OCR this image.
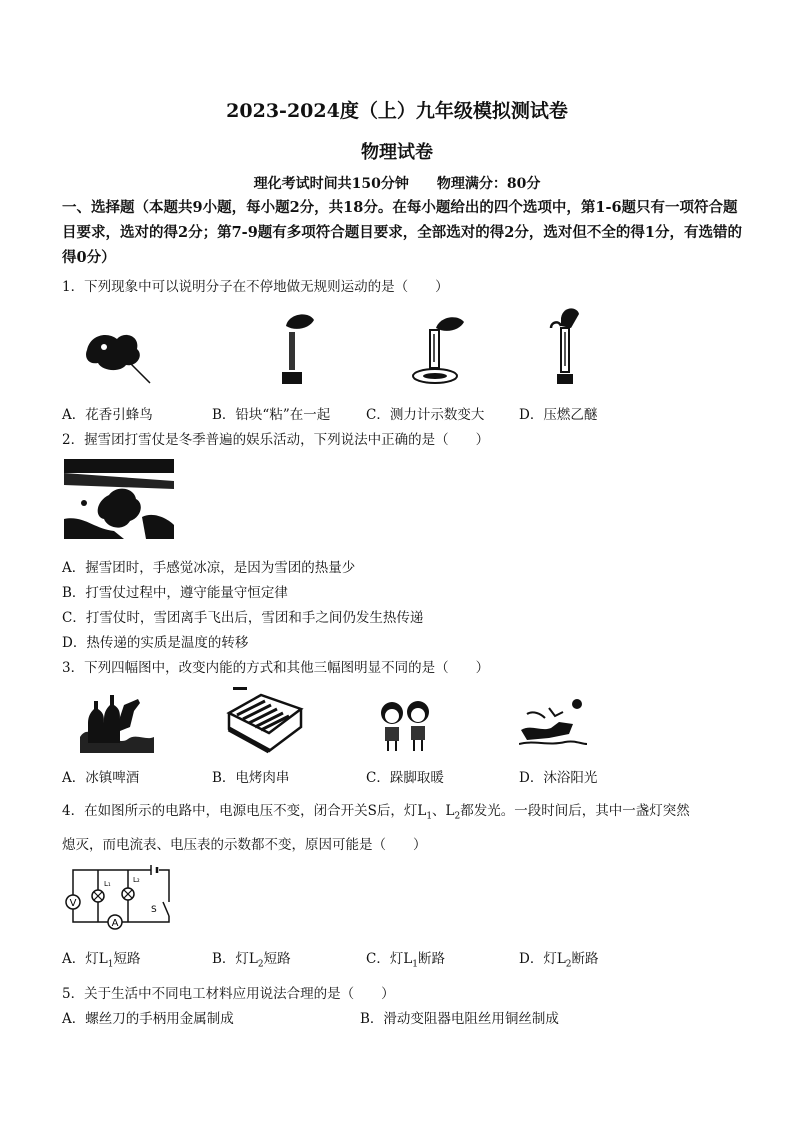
2023-2024度（上）九年级模拟测试卷
物理试卷
理化考试时间共150分钟　　物理满分：80分
一、选择题（本题共9小题，每小题2分，共18分。在每小题给出的四个选项中，第1-6题只有一项符合题目要求，选对的得2分；第7-9题有多项符合题目要求，全部选对的得2分，选对但不全的得1分，有选错的得0分）
1．下列现象中可以说明分子在不停地做无规则运动的是（　　）
A．花香引蜂鸟	B．铅块“粘”在一起	C．测力计示数变大	D．压燃乙醚
2．握雪团打雪仗是冬季普遍的娱乐活动，下列说法中正确的是（　　）
A．握雪团时，手感觉冰凉，是因为雪团的热量少
B．打雪仗过程中，遵守能量守恒定律
C．打雪仗时，雪团离手飞出后，雪团和手之间仍发生热传递
D．热传递的实质是温度的转移
3．下列四幅图中，改变内能的方式和其他三幅图明显不同的是（　　）
A．冰镇啤酒	B．电烤肉串	C．跺脚取暖	D．沐浴阳光
4．在如图所示的电路中，电源电压不变，闭合开关S后，灯$L_1$、$L_2$都发光。一段时间后，其中一盏灯突然
熄灭，而电流表、电压表的示数都不变，原因可能是（　　）
V
L₁	L₂
A
S
A．灯$L_1$短路	B．灯$L_2$短路	C．灯$L_1$断路	D．灯$L_2$断路
5．关于生活中不同电工材料应用说法合理的是（　　）
A．螺丝刀的手柄用金属制成	B．滑动变阻器电阻丝用铜丝制成
